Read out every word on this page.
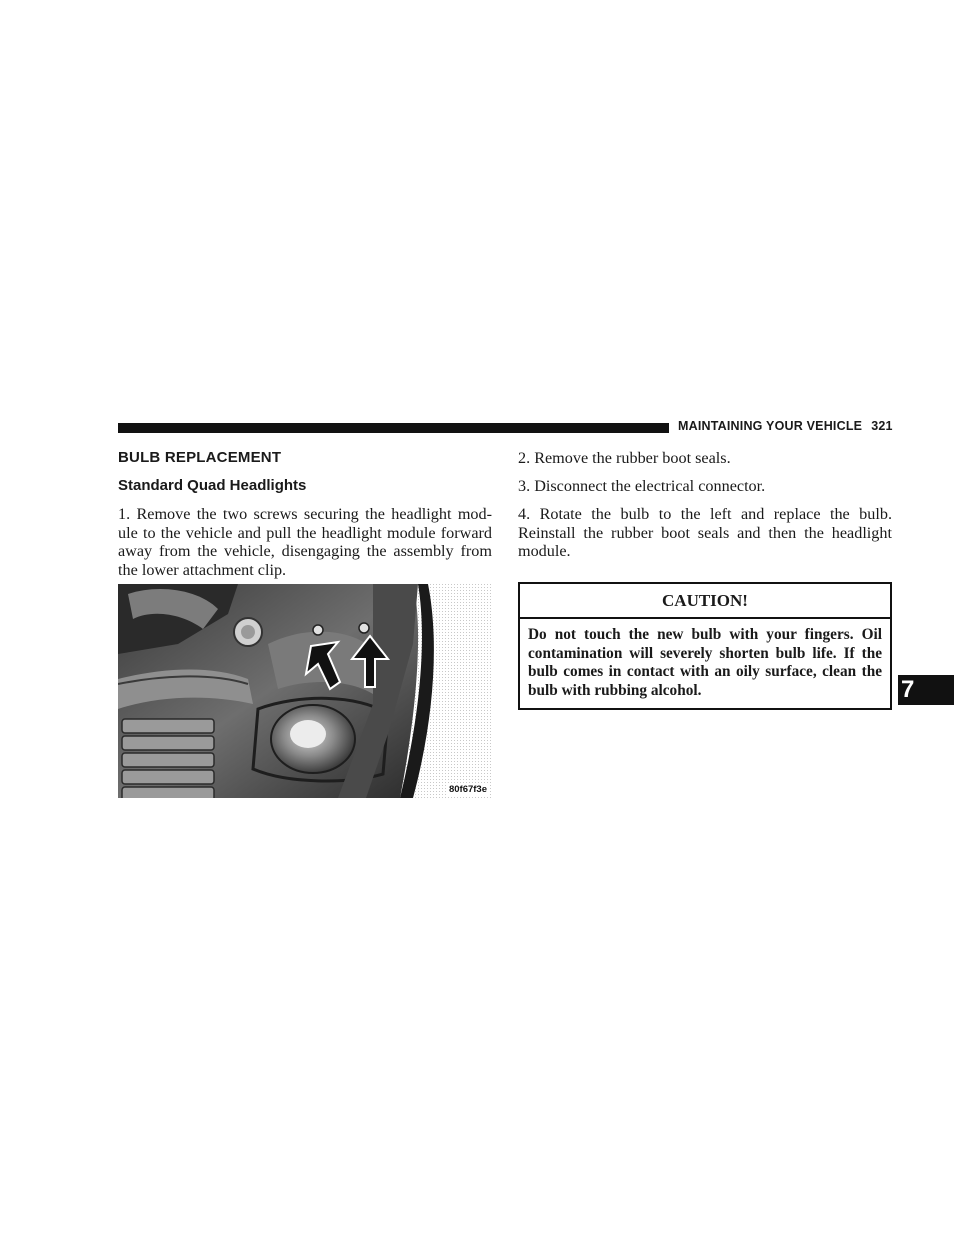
MAINTAINING YOUR VEHICLE 321
BULB REPLACEMENT
Standard Quad Headlights

1. Remove the two screws securing the headlight mod-ule to the vehicle and pull the headlight module forward away from the vehicle, disengaging the assembly from the lower attachment clip.

80f67f3e

2. Remove the rubber boot seals.

3. Disconnect the electrical connector.

4. Rotate the bulb to the left and replace the bulb. Reinstall the rubber boot seals and then the headlight module.

CAUTION!
Do not touch the new bulb with your fingers. Oil contamination will severely shorten bulb life. If the bulb comes in contact with an oily surface, clean the bulb with rubbing alcohol.	7
